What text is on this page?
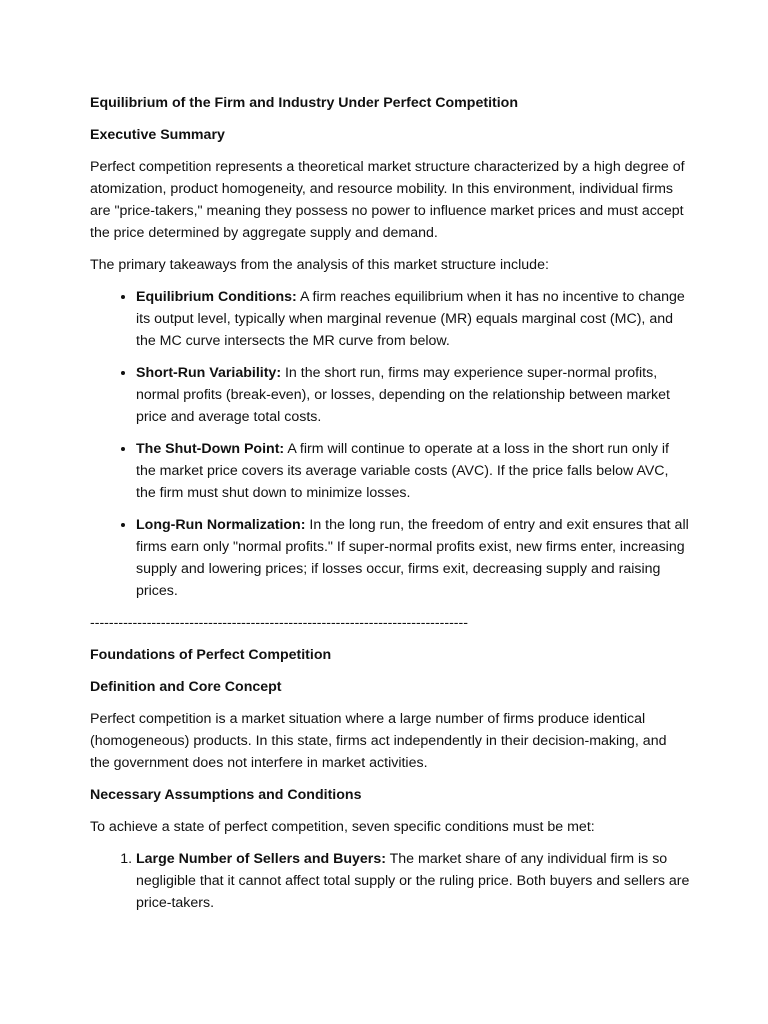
Equilibrium of the Firm and Industry Under Perfect Competition

Executive Summary

Perfect competition represents a theoretical market structure characterized by a high degree of atomization, product homogeneity, and resource mobility. In this environment, individual firms are "price-takers," meaning they possess no power to influence market prices and must accept the price determined by aggregate supply and demand.

The primary takeaways from the analysis of this market structure include:

• Equilibrium Conditions: A firm reaches equilibrium when it has no incentive to change its output level, typically when marginal revenue (MR) equals marginal cost (MC), and the MC curve intersects the MR curve from below.
• Short-Run Variability: In the short run, firms may experience super-normal profits, normal profits (break-even), or losses, depending on the relationship between market price and average total costs.
• The Shut-Down Point: A firm will continue to operate at a loss in the short run only if the market price covers its average variable costs (AVC). If the price falls below AVC, the firm must shut down to minimize losses.
• Long-Run Normalization: In the long run, the freedom of entry and exit ensures that all firms earn only "normal profits." If super-normal profits exist, new firms enter, increasing supply and lowering prices; if losses occur, firms exit, decreasing supply and raising prices.

--------------------------------------------------------------------------------

Foundations of Perfect Competition

Definition and Core Concept

Perfect competition is a market situation where a large number of firms produce identical (homogeneous) products. In this state, firms act independently in their decision-making, and the government does not interfere in market activities.

Necessary Assumptions and Conditions

To achieve a state of perfect competition, seven specific conditions must be met:

1. Large Number of Sellers and Buyers: The market share of any individual firm is so negligible that it cannot affect total supply or the ruling price. Both buyers and sellers are price-takers.
